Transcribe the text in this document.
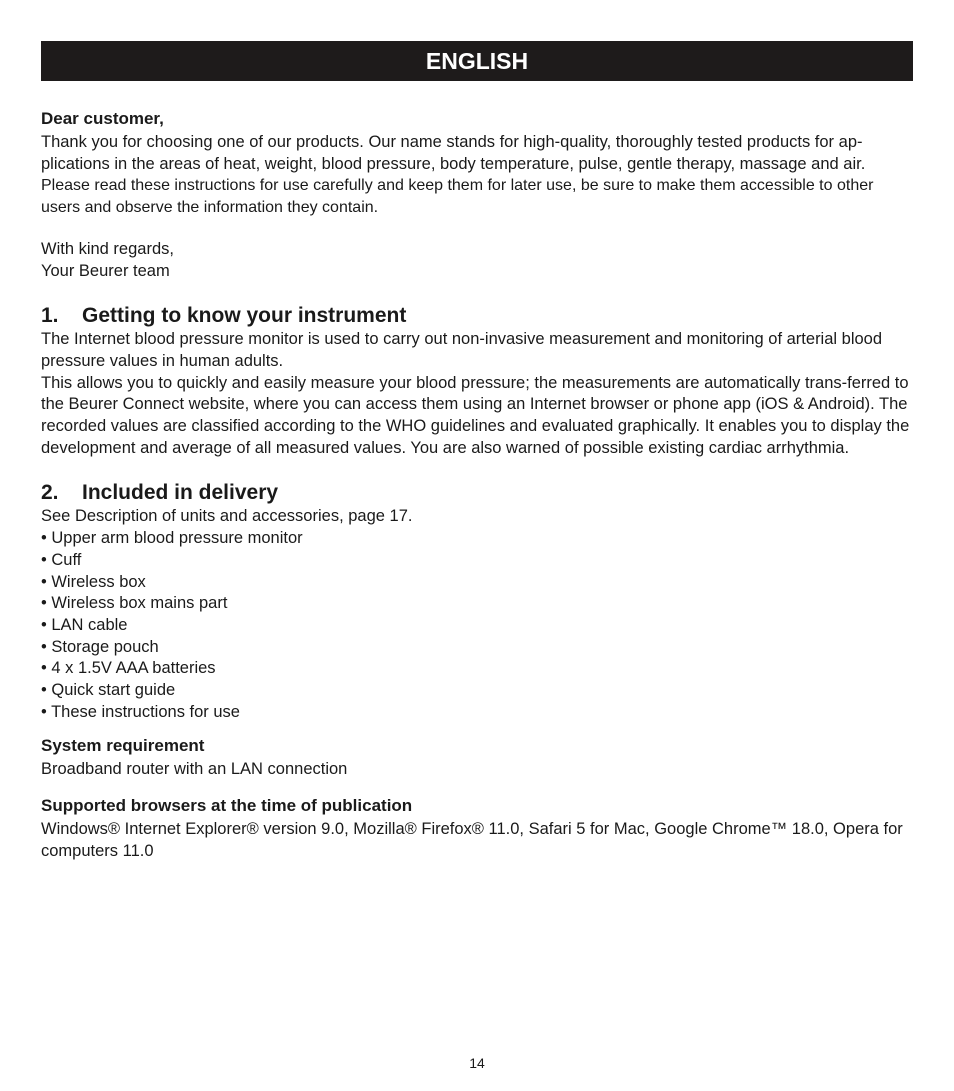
ENGLISH
Dear customer,

Thank you for choosing one of our products. Our name stands for high-quality, thoroughly tested products for ap-plications in the areas of heat, weight, blood pressure, body temperature, pulse, gentle therapy, massage and air.

Please read these instructions for use carefully and keep them for later use, be sure to make them accessible to other users and observe the information they contain.

With kind regards,

Your Beurer team

1.	Getting to know your instrument

The Internet blood pressure monitor is used to carry out non-invasive measurement and monitoring of arterial blood pressure values in human adults.

This allows you to quickly and easily measure your blood pressure; the measurements are automatically trans-ferred to the Beurer Connect website, where you can access them using an Internet browser or phone app (iOS & Android). The recorded values are classified according to the WHO guidelines and evaluated graphically. It enables you to display the development and average of all measured values. You are also warned of possible existing cardiac arrhythmia.

2.	Included in delivery

See Description of units and accessories, page 17.

• Upper arm blood pressure monitor
• Cuff
• Wireless box
• Wireless box mains part
• LAN cable
• Storage pouch
• 4 x 1.5V AAA batteries
• Quick start guide
• These instructions for use
System requirement

Broadband router with an LAN connection

Supported browsers at the time of publication

Windows® Internet Explorer® version 9.0, Mozilla® Firefox® 11.0, Safari 5 for Mac, Google Chrome™ 18.0, Opera for computers 11.0

14
